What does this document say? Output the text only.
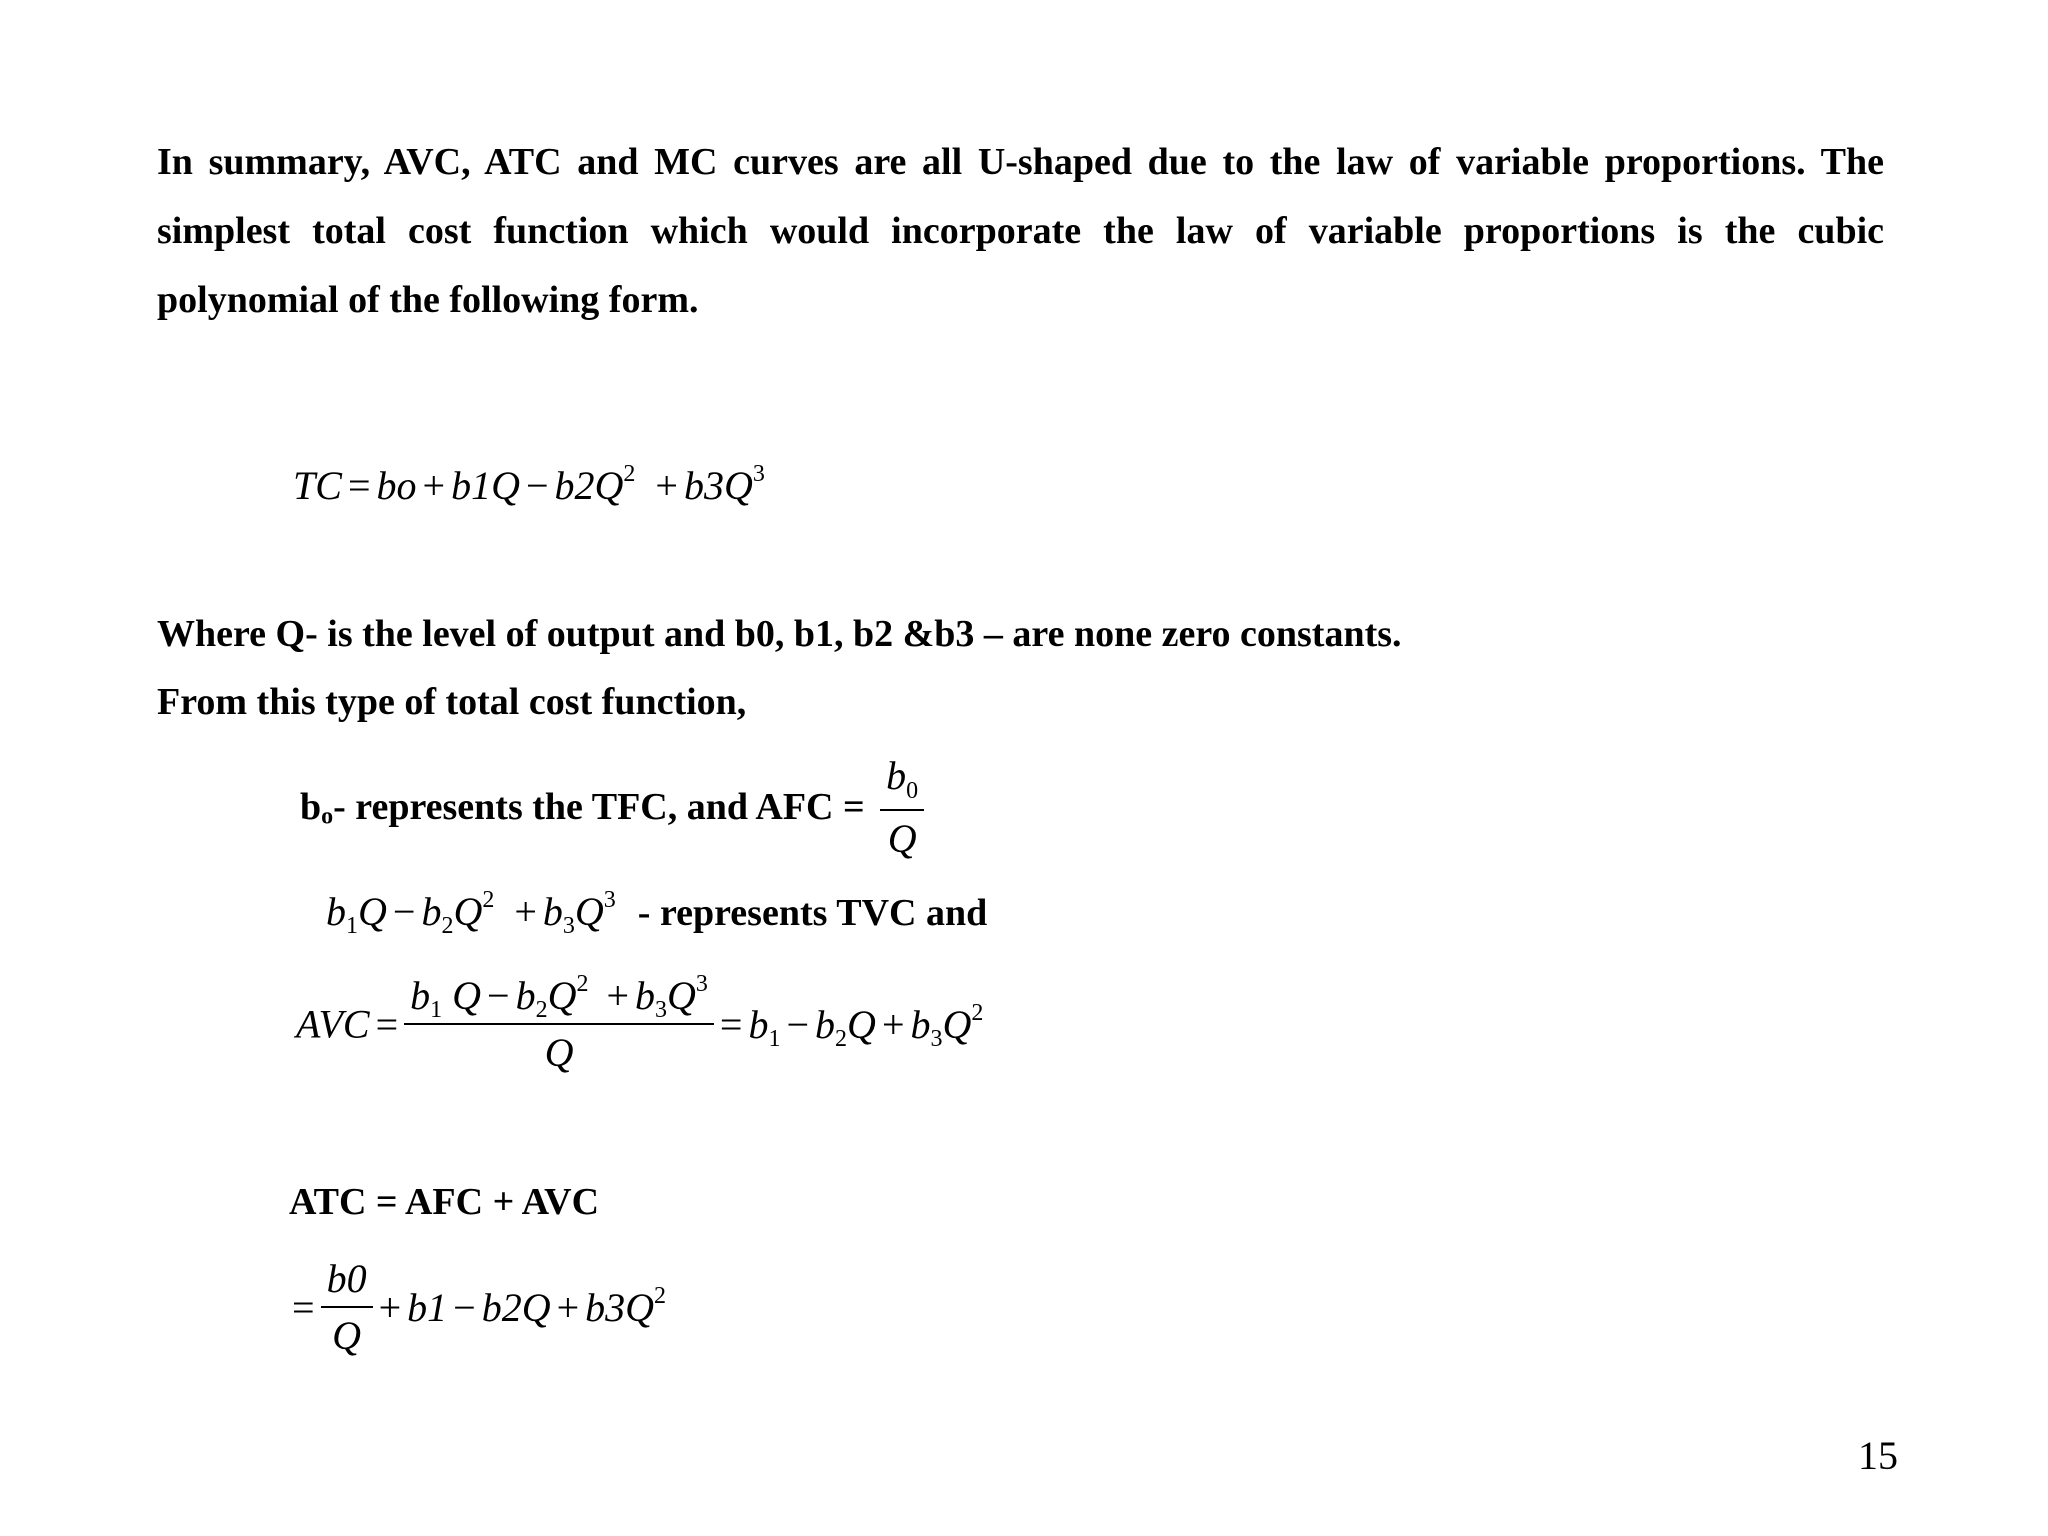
In summary, AVC, ATC and MC curves are all U-shaped due to the law of variable proportions. The simplest total cost function which would incorporate the law of variable proportions is the cubic polynomial of the following form.
TC = bo + $b1Q - b2Q^2 + b3Q^3$
Where Q- is the level of output and b0, b1, b2 &b3 – are none zero constants.
From this type of total cost function,
$b_o-$ represents the TFC, and AFC = $\frac{b_0}{Q}$
$b_1Q - b_2Q^2 + b_3Q^3$ - represents TVC and
AVC = $\frac{b_1 Q - b_2Q^2 + b_3Q^3}{Q} = b_1 - b_2Q + b_3Q^2$
ATC = AFC + AVC
= $\frac{b0}{Q} + b1 - b2Q + b3Q^2$
15
